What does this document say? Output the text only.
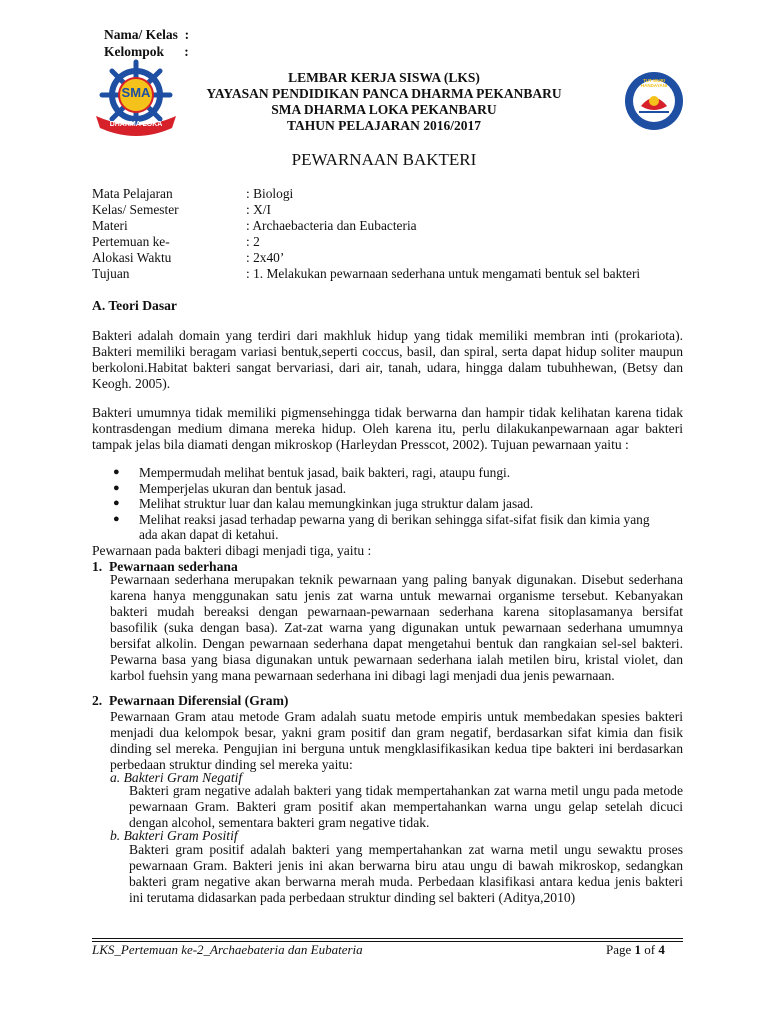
Nama/ Kelas  :
Kelompok      :
SMA
DHARMA LOKA
LEMBAR KERJA SISWA (LKS)
YAYASAN PENDIDIKAN PANCA DHARMA PEKANBARU
SMA DHARMA LOKA PEKANBARU
TAHUN PELAJARAN 2016/2017
TUT WURI HANDAYANI
PEWARNAAN BAKTERI
Mata Pelajaran	: Biologi
Kelas/ Semester	: X/I
Materi	: Archaebacteria dan Eubacteria
Pertemuan ke-	: 2
Alokasi Waktu	: 2x40’
Tujuan	: 1. Melakukan pewarnaan sederhana untuk mengamati bentuk sel bakteri
A. Teori Dasar
Bakteri adalah domain yang terdiri dari makhluk hidup yang tidak memiliki membran inti (prokariota). Bakteri memiliki beragam variasi bentuk,seperti coccus, basil, dan spiral, serta dapat hidup soliter maupun berkoloni.Habitat bakteri sangat bervariasi, dari air, tanah, udara, hingga dalam tubuhhewan, (Betsy dan Keogh. 2005).
Bakteri umumnya tidak memiliki pigmensehingga tidak berwarna dan hampir tidak kelihatan karena tidak kontrasdengan medium dimana mereka hidup. Oleh karena itu, perlu dilakukanpewarnaan agar bakteri tampak jelas bila diamati dengan mikroskop (Harleydan Presscot, 2002). Tujuan pewarnaan yaitu :
● Mempermudah melihat bentuk jasad, baik bakteri, ragi, ataupu fungi.
● Memperjelas ukuran dan bentuk jasad.
● Melihat struktur luar dan kalau memungkinkan juga struktur dalam jasad.
● Melihat reaksi jasad terhadap pewarna yang di berikan sehingga sifat-sifat fisik dan kimia yang ada akan dapat di ketahui.
Pewarnaan pada bakteri dibagi menjadi tiga, yaitu :
1.  Pewarnaan sederhana
Pewarnaan sederhana merupakan teknik pewarnaan yang paling banyak digunakan. Disebut sederhana karena hanya menggunakan satu jenis zat warna untuk mewarnai organisme tersebut. Kebanyakan bakteri mudah bereaksi dengan pewarnaan-pewarnaan sederhana karena sitoplasamanya bersifat basofilik (suka dengan basa). Zat-zat warna yang digunakan untuk pewarnaan sederhana umumnya bersifat alkolin. Dengan pewarnaan sederhana dapat mengetahui bentuk dan rangkaian sel-sel bakteri. Pewarna basa yang biasa digunakan untuk pewarnaan sederhana ialah metilen biru, kristal violet, dan karbol fuehsin yang mana pewarnaan sederhana ini dibagi lagi menjadi dua jenis pewarnaan.
2.  Pewarnaan Diferensial (Gram)
Pewarnaan Gram atau metode Gram adalah suatu metode empiris untuk membedakan spesies bakteri menjadi dua kelompok besar, yakni gram positif dan gram negatif, berdasarkan sifat kimia dan fisik dinding sel mereka. Pengujian ini berguna untuk mengklasifikasikan kedua tipe bakteri ini berdasarkan perbedaan struktur dinding sel mereka yaitu:
a. Bakteri Gram Negatif
Bakteri gram negative adalah bakteri yang tidak mempertahankan zat warna metil ungu pada metode pewarnaan Gram. Bakteri gram positif akan mempertahankan warna ungu gelap setelah dicuci dengan alcohol, sementara bakteri gram negative tidak.
b. Bakteri Gram Positif
Bakteri gram positif adalah bakteri yang mempertahankan zat warna metil ungu sewaktu proses pewarnaan Gram. Bakteri jenis ini akan berwarna biru atau ungu di bawah mikroskop, sedangkan bakteri gram negative akan berwarna merah muda. Perbedaan klasifikasi antara kedua jenis bakteri ini terutama didasarkan pada perbedaan struktur dinding sel bakteri (Aditya,2010)
LKS_Pertemuan ke-2_Archaebateria dan Eubateria	Page 1 of 4
